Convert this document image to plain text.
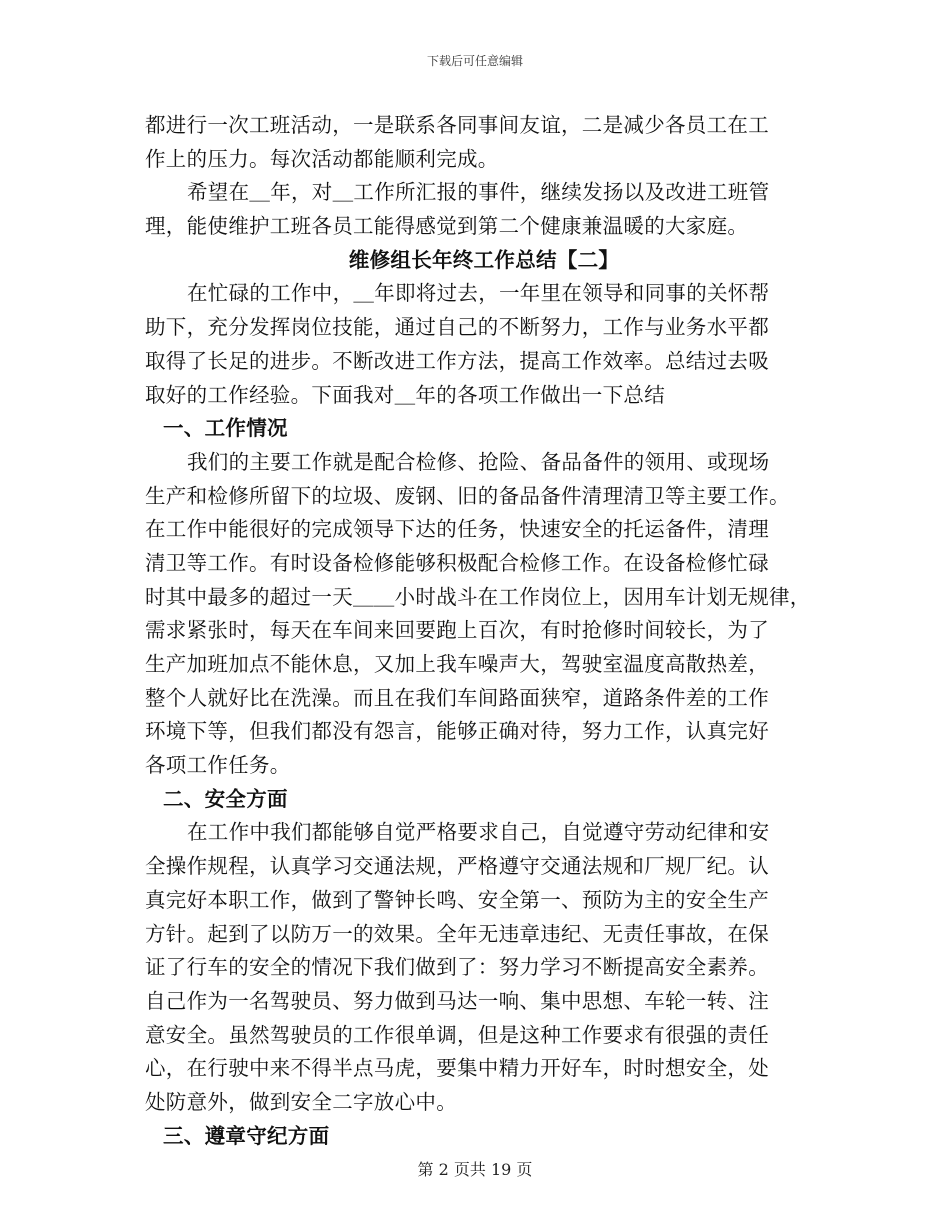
下载后可任意编辑
都进行一次工班活动，一是联系各同事间友谊，二是减少各员工在工
作上的压力。每次活动都能顺利完成。
希望在＿年，对＿工作所汇报的事件，继续发扬以及改进工班管
理，能使维护工班各员工能得感觉到第二个健康兼温暖的大家庭。
维修组长年终工作总结【二】
在忙碌的工作中，＿年即将过去，一年里在领导和同事的关怀帮
助下，充分发挥岗位技能，通过自己的不断努力，工作与业务水平都
取得了长足的进步。不断改进工作方法，提高工作效率。总结过去吸
取好的工作经验。下面我对＿年的各项工作做出一下总结
一、工作情况
我们的主要工作就是配合检修、抢险、备品备件的领用、或现场
生产和检修所留下的垃圾、废钢、旧的备品备件清理清卫等主要工作。
在工作中能很好的完成领导下达的任务，快速安全的托运备件，清理
清卫等工作。有时设备检修能够积极配合检修工作。在设备检修忙碌
时其中最多的超过一天＿＿小时战斗在工作岗位上，因用车计划无规律，
需求紧张时，每天在车间来回要跑上百次，有时抢修时间较长，为了
生产加班加点不能休息，又加上我车噪声大，驾驶室温度高散热差，
整个人就好比在洗澡。而且在我们车间路面狭窄，道路条件差的工作
环境下等，但我们都没有怨言，能够正确对待，努力工作，认真完好
各项工作任务。
二、安全方面
在工作中我们都能够自觉严格要求自己，自觉遵守劳动纪律和安
全操作规程，认真学习交通法规，严格遵守交通法规和厂规厂纪。认
真完好本职工作，做到了警钟长鸣、安全第一、预防为主的安全生产
方针。起到了以防万一的效果。全年无违章违纪、无责任事故，在保
证了行车的安全的情况下我们做到了：努力学习不断提高安全素养。
自己作为一名驾驶员、努力做到马达一响、集中思想、车轮一转、注
意安全。虽然驾驶员的工作很单调，但是这种工作要求有很强的责任
心，在行驶中来不得半点马虎，要集中精力开好车，时时想安全，处
处防意外，做到安全二字放心中。
三、遵章守纪方面
第 2 页共 19 页
